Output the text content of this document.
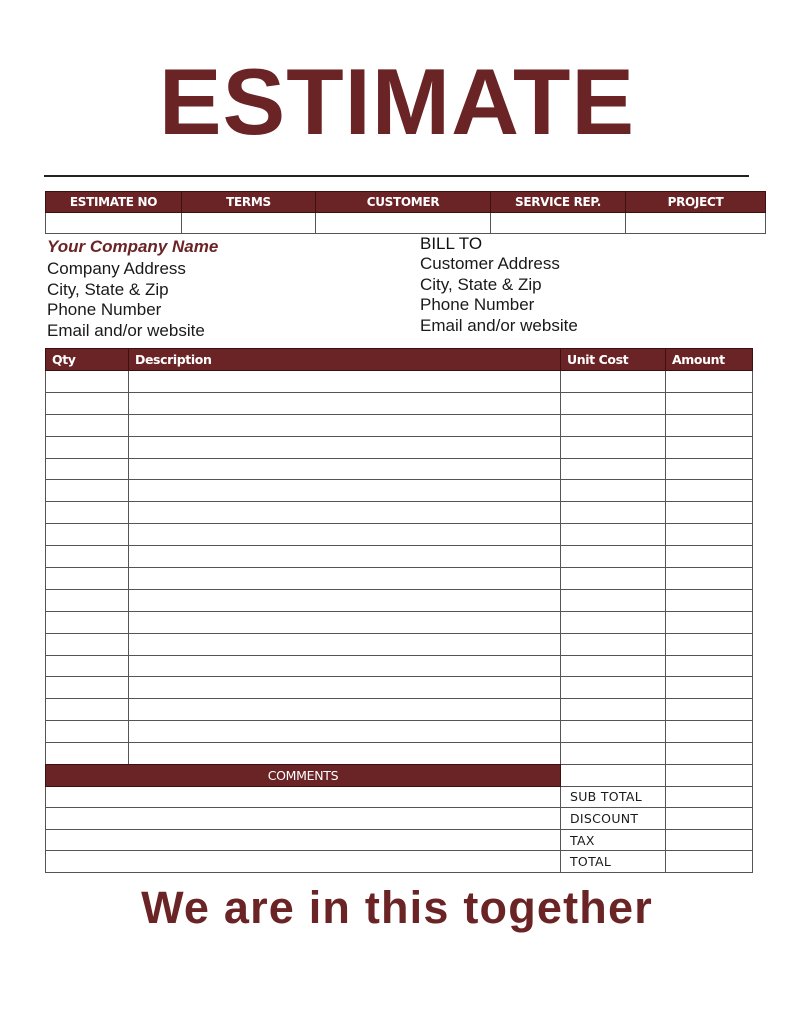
ESTIMATE
ESTIMATE NO	TERMS	CUSTOMER	SERVICE REP.	PROJECT

Your Company Name
Company Address
City, State & Zip
Phone Number
Email and/or website
BILL TO
Customer Address
City, State & Zip
Phone Number
Email and/or website
Qty	Description	Unit Cost	Amount

COMMENTS		
	SUB TOTAL	
	DISCOUNT	
	TAX	
	TOTAL	
We are in this together
